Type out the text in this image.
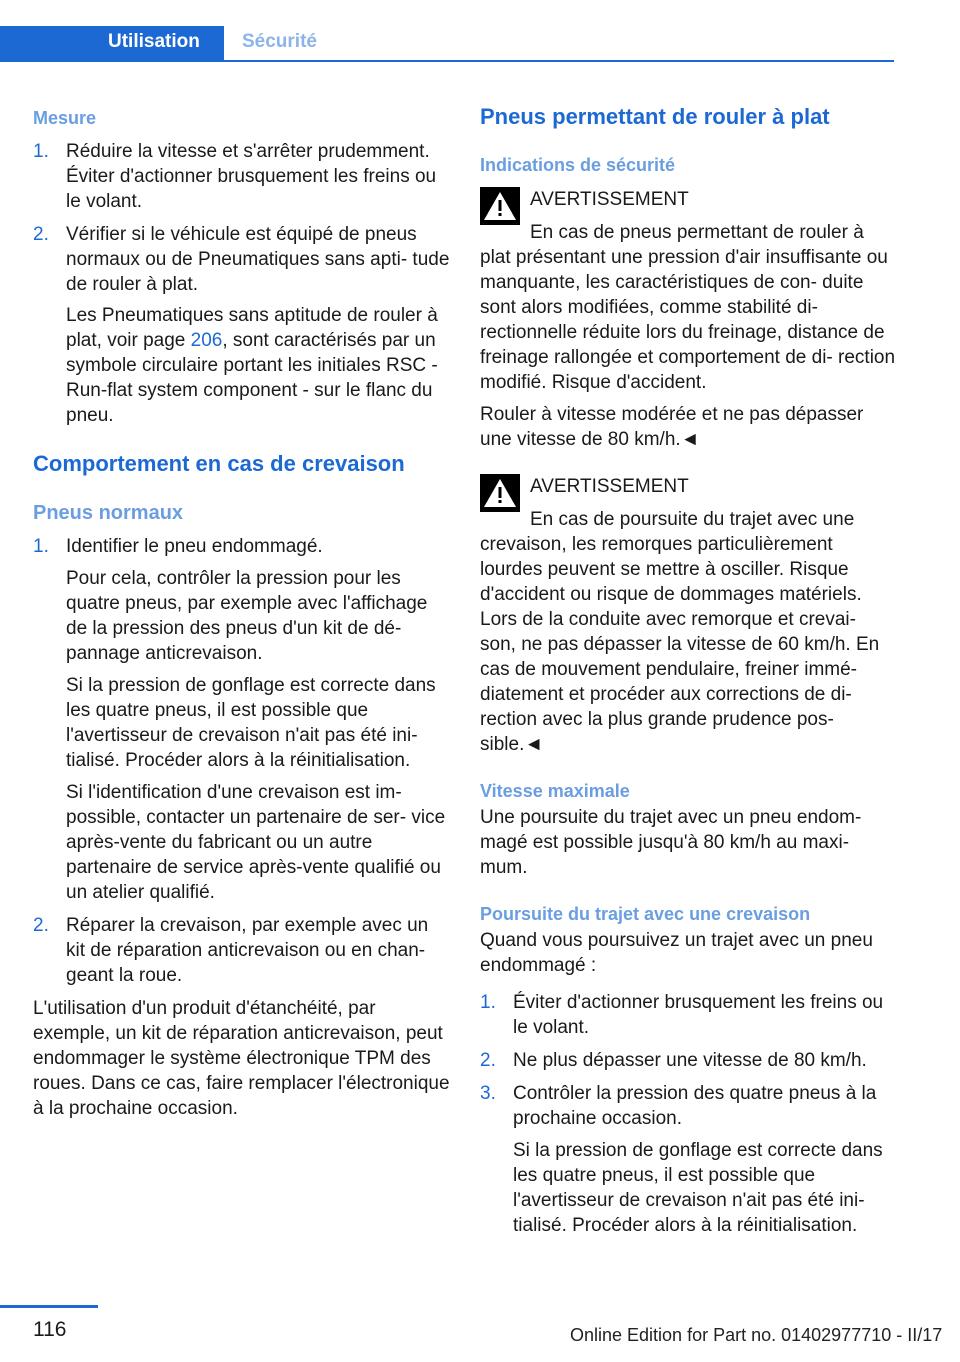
Utilisation Sécurité

Mesure

1. Réduire la vitesse et s'arrêter prudemment. Éviter d'actionner brusquement les freins ou le volant.

2. Vérifier si le véhicule est équipé de pneus normaux ou de Pneumatiques sans apti‐ tude de rouler à plat.

Les Pneumatiques sans aptitude de rouler à plat, voir page 206, sont caractérisés par un symbole circulaire portant les initiales RSC - Run-flat system component - sur le flanc du pneu.

Comportement en cas de crevaison

Pneus normaux

1. Identifier le pneu endommagé.

Pour cela, contrôler la pression pour les quatre pneus, par exemple avec l'affichage de la pression des pneus d'un kit de dé‐ pannage anticrevaison.

Si la pression de gonflage est correcte dans les quatre pneus, il est possible que l'avertisseur de crevaison n'ait pas été ini‐ tialisé. Procéder alors à la réinitialisation.

Si l'identification d'une crevaison est im‐ possible, contacter un partenaire de ser‐ vice après-vente du fabricant ou un autre partenaire de service après-vente qualifié ou un atelier qualifié.

2. Réparer la crevaison, par exemple avec un kit de réparation anticrevaison ou en chan‐ geant la roue.

L'utilisation d'un produit d'étanchéité, par exemple, un kit de réparation anticrevaison, peut endommager le système électronique TPM des roues. Dans ce cas, faire remplacer l'électronique à la prochaine occasion.

Pneus permettant de rouler à plat

Indications de sécurité

AVERTISSEMENT

En cas de pneus permettant de rouler à plat présentant une pression d'air insuffisante ou manquante, les caractéristiques de con‐ duite sont alors modifiées, comme stabilité di‐ rectionnelle réduite lors du freinage, distance de freinage rallongée et comportement de di‐ rection modifié. Risque d'accident.

Rouler à vitesse modérée et ne pas dépasser une vitesse de 80 km/h.◄

AVERTISSEMENT

En cas de poursuite du trajet avec une crevaison, les remorques particulièrement lourdes peuvent se mettre à osciller. Risque d'accident ou risque de dommages matériels. Lors de la conduite avec remorque et crevai‐ son, ne pas dépasser la vitesse de 60 km/h. En cas de mouvement pendulaire, freiner immé‐ diatement et procéder aux corrections de di‐ rection avec la plus grande prudence pos‐ sible.◄

Vitesse maximale

Une poursuite du trajet avec un pneu endom‐ magé est possible jusqu'à 80 km/h au maxi‐ mum.

Poursuite du trajet avec une crevaison

Quand vous poursuivez un trajet avec un pneu endommagé :

1. Éviter d'actionner brusquement les freins ou le volant.

2. Ne plus dépasser une vitesse de 80 km/h.

3. Contrôler la pression des quatre pneus à la prochaine occasion.

Si la pression de gonflage est correcte dans les quatre pneus, il est possible que l'avertisseur de crevaison n'ait pas été ini‐ tialisé. Procéder alors à la réinitialisation.

116	Online Edition for Part no. 01402977710 - II/17
